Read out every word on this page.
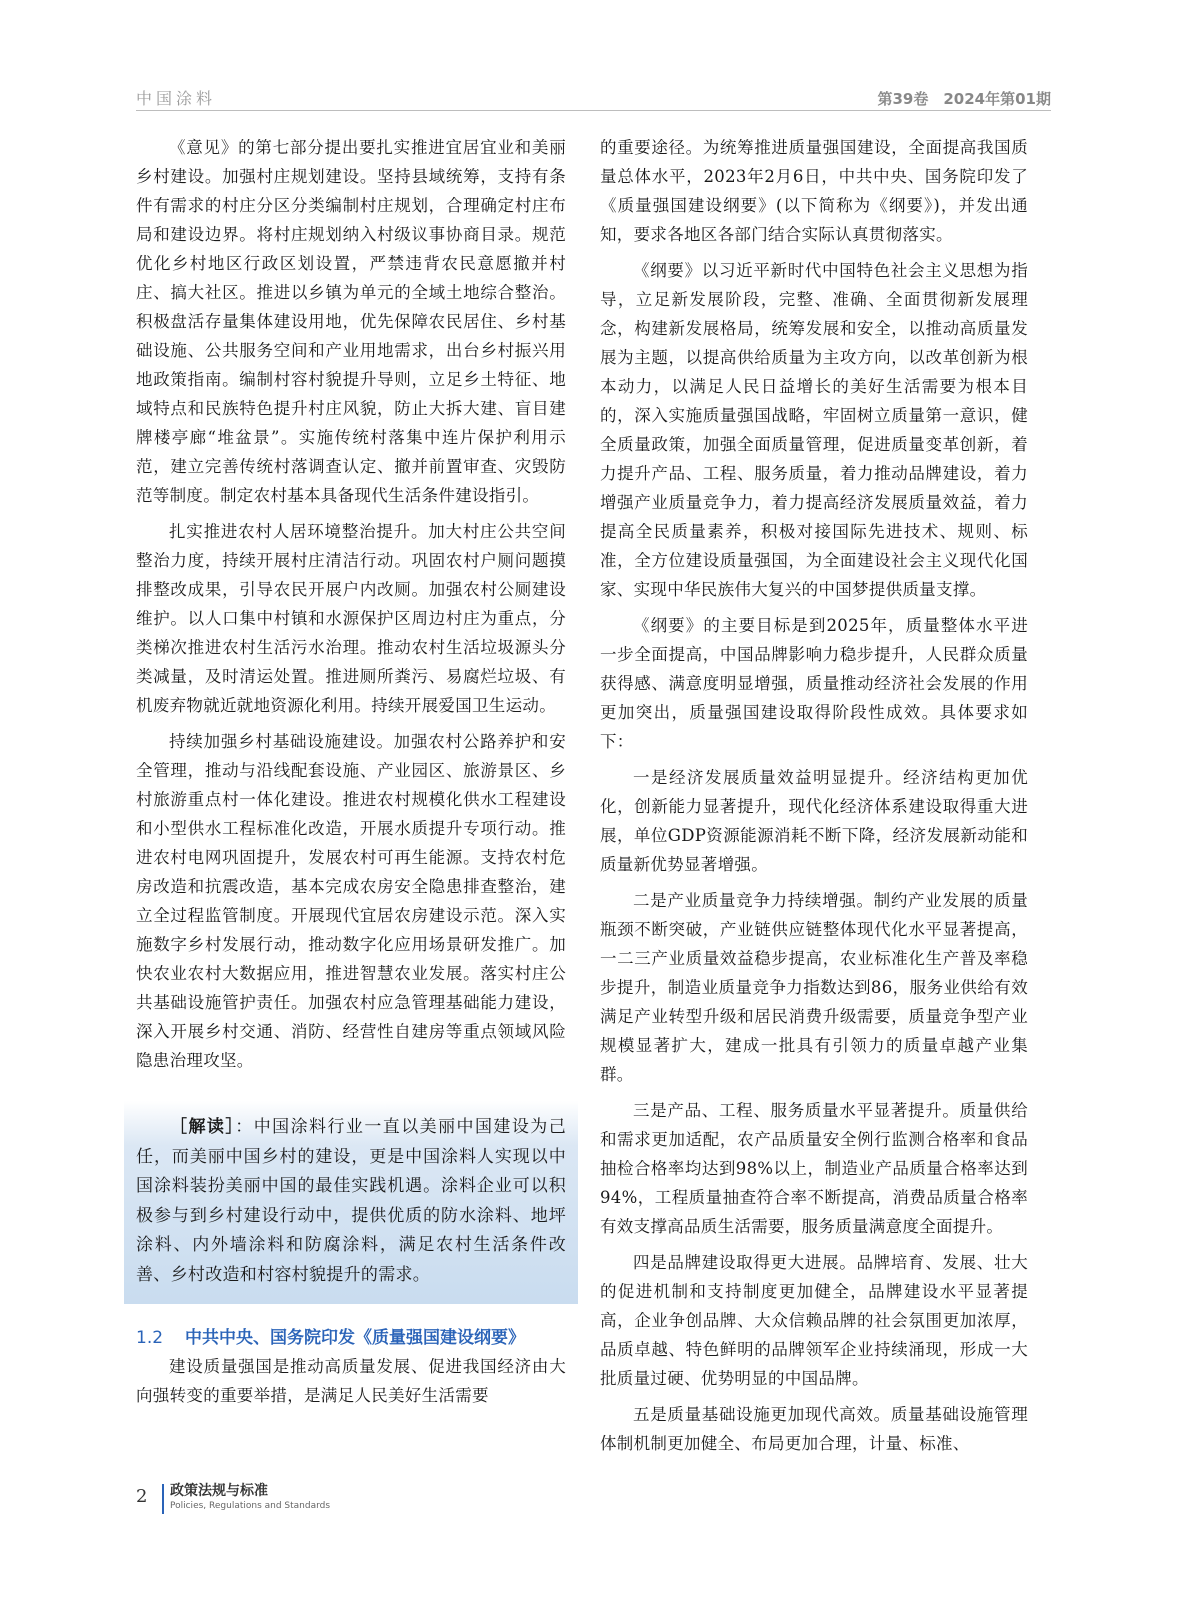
中国涂料	第39卷　2024年第01期

《意见》的第七部分提出要扎实推进宜居宜业和美丽乡村建设。加强村庄规划建设。坚持县域统筹，支持有条件有需求的村庄分区分类编制村庄规划，合理确定村庄布局和建设边界。将村庄规划纳入村级议事协商目录。规范优化乡村地区行政区划设置，严禁违背农民意愿撤并村庄、搞大社区。推进以乡镇为单元的全域土地综合整治。积极盘活存量集体建设用地，优先保障农民居住、乡村基础设施、公共服务空间和产业用地需求，出台乡村振兴用地政策指南。编制村容村貌提升导则，立足乡土特征、地域特点和民族特色提升村庄风貌，防止大拆大建、盲目建牌楼亭廊“堆盆景”。实施传统村落集中连片保护利用示范，建立完善传统村落调查认定、撤并前置审查、灾毁防范等制度。制定农村基本具备现代生活条件建设指引。

扎实推进农村人居环境整治提升。加大村庄公共空间整治力度，持续开展村庄清洁行动。巩固农村户厕问题摸排整改成果，引导农民开展户内改厕。加强农村公厕建设维护。以人口集中村镇和水源保护区周边村庄为重点，分类梯次推进农村生活污水治理。推动农村生活垃圾源头分类减量，及时清运处置。推进厕所粪污、易腐烂垃圾、有机废弃物就近就地资源化利用。持续开展爱国卫生运动。

持续加强乡村基础设施建设。加强农村公路养护和安全管理，推动与沿线配套设施、产业园区、旅游景区、乡村旅游重点村一体化建设。推进农村规模化供水工程建设和小型供水工程标准化改造，开展水质提升专项行动。推进农村电网巩固提升，发展农村可再生能源。支持农村危房改造和抗震改造，基本完成农房安全隐患排查整治，建立全过程监管制度。开展现代宜居农房建设示范。深入实施数字乡村发展行动，推动数字化应用场景研发推广。加快农业农村大数据应用，推进智慧农业发展。落实村庄公共基础设施管护责任。加强农村应急管理基础能力建设，深入开展乡村交通、消防、经营性自建房等重点领域风险隐患治理攻坚。

［解读］：中国涂料行业一直以美丽中国建设为己任，而美丽中国乡村的建设，更是中国涂料人实现以中国涂料装扮美丽中国的最佳实践机遇。涂料企业可以积极参与到乡村建设行动中，提供优质的防水涂料、地坪涂料、内外墙涂料和防腐涂料，满足农村生活条件改善、乡村改造和村容村貌提升的需求。

1.2 中共中央、国务院印发《质量强国建设纲要》

建设质量强国是推动高质量发展、促进我国经济由大向强转变的重要举措，是满足人民美好生活需要

的重要途径。为统筹推进质量强国建设，全面提高我国质量总体水平，2023年2月6日，中共中央、国务院印发了《质量强国建设纲要》(以下简称为《纲要》)，并发出通知，要求各地区各部门结合实际认真贯彻落实。

《纲要》以习近平新时代中国特色社会主义思想为指导，立足新发展阶段，完整、准确、全面贯彻新发展理念，构建新发展格局，统筹发展和安全，以推动高质量发展为主题，以提高供给质量为主攻方向，以改革创新为根本动力，以满足人民日益增长的美好生活需要为根本目的，深入实施质量强国战略，牢固树立质量第一意识，健全质量政策，加强全面质量管理，促进质量变革创新，着力提升产品、工程、服务质量，着力推动品牌建设，着力增强产业质量竞争力，着力提高经济发展质量效益，着力提高全民质量素养，积极对接国际先进技术、规则、标准，全方位建设质量强国，为全面建设社会主义现代化国家、实现中华民族伟大复兴的中国梦提供质量支撑。

《纲要》的主要目标是到2025年，质量整体水平进一步全面提高，中国品牌影响力稳步提升，人民群众质量获得感、满意度明显增强，质量推动经济社会发展的作用更加突出，质量强国建设取得阶段性成效。具体要求如下：

一是经济发展质量效益明显提升。经济结构更加优化，创新能力显著提升，现代化经济体系建设取得重大进展，单位GDP资源能源消耗不断下降，经济发展新动能和质量新优势显著增强。

二是产业质量竞争力持续增强。制约产业发展的质量瓶颈不断突破，产业链供应链整体现代化水平显著提高，一二三产业质量效益稳步提高，农业标准化生产普及率稳步提升，制造业质量竞争力指数达到86，服务业供给有效满足产业转型升级和居民消费升级需要，质量竞争型产业规模显著扩大，建成一批具有引领力的质量卓越产业集群。

三是产品、工程、服务质量水平显著提升。质量供给和需求更加适配，农产品质量安全例行监测合格率和食品抽检合格率均达到98%以上，制造业产品质量合格率达到94%，工程质量抽查符合率不断提高，消费品质量合格率有效支撑高品质生活需要，服务质量满意度全面提升。

四是品牌建设取得更大进展。品牌培育、发展、壮大的促进机制和支持制度更加健全，品牌建设水平显著提高，企业争创品牌、大众信赖品牌的社会氛围更加浓厚，品质卓越、特色鲜明的品牌领军企业持续涌现，形成一大批质量过硬、优势明显的中国品牌。

五是质量基础设施更加现代高效。质量基础设施管理体制机制更加健全、布局更加合理，计量、标准、

2 政策法规与标准
Policies, Regulations and Standards
